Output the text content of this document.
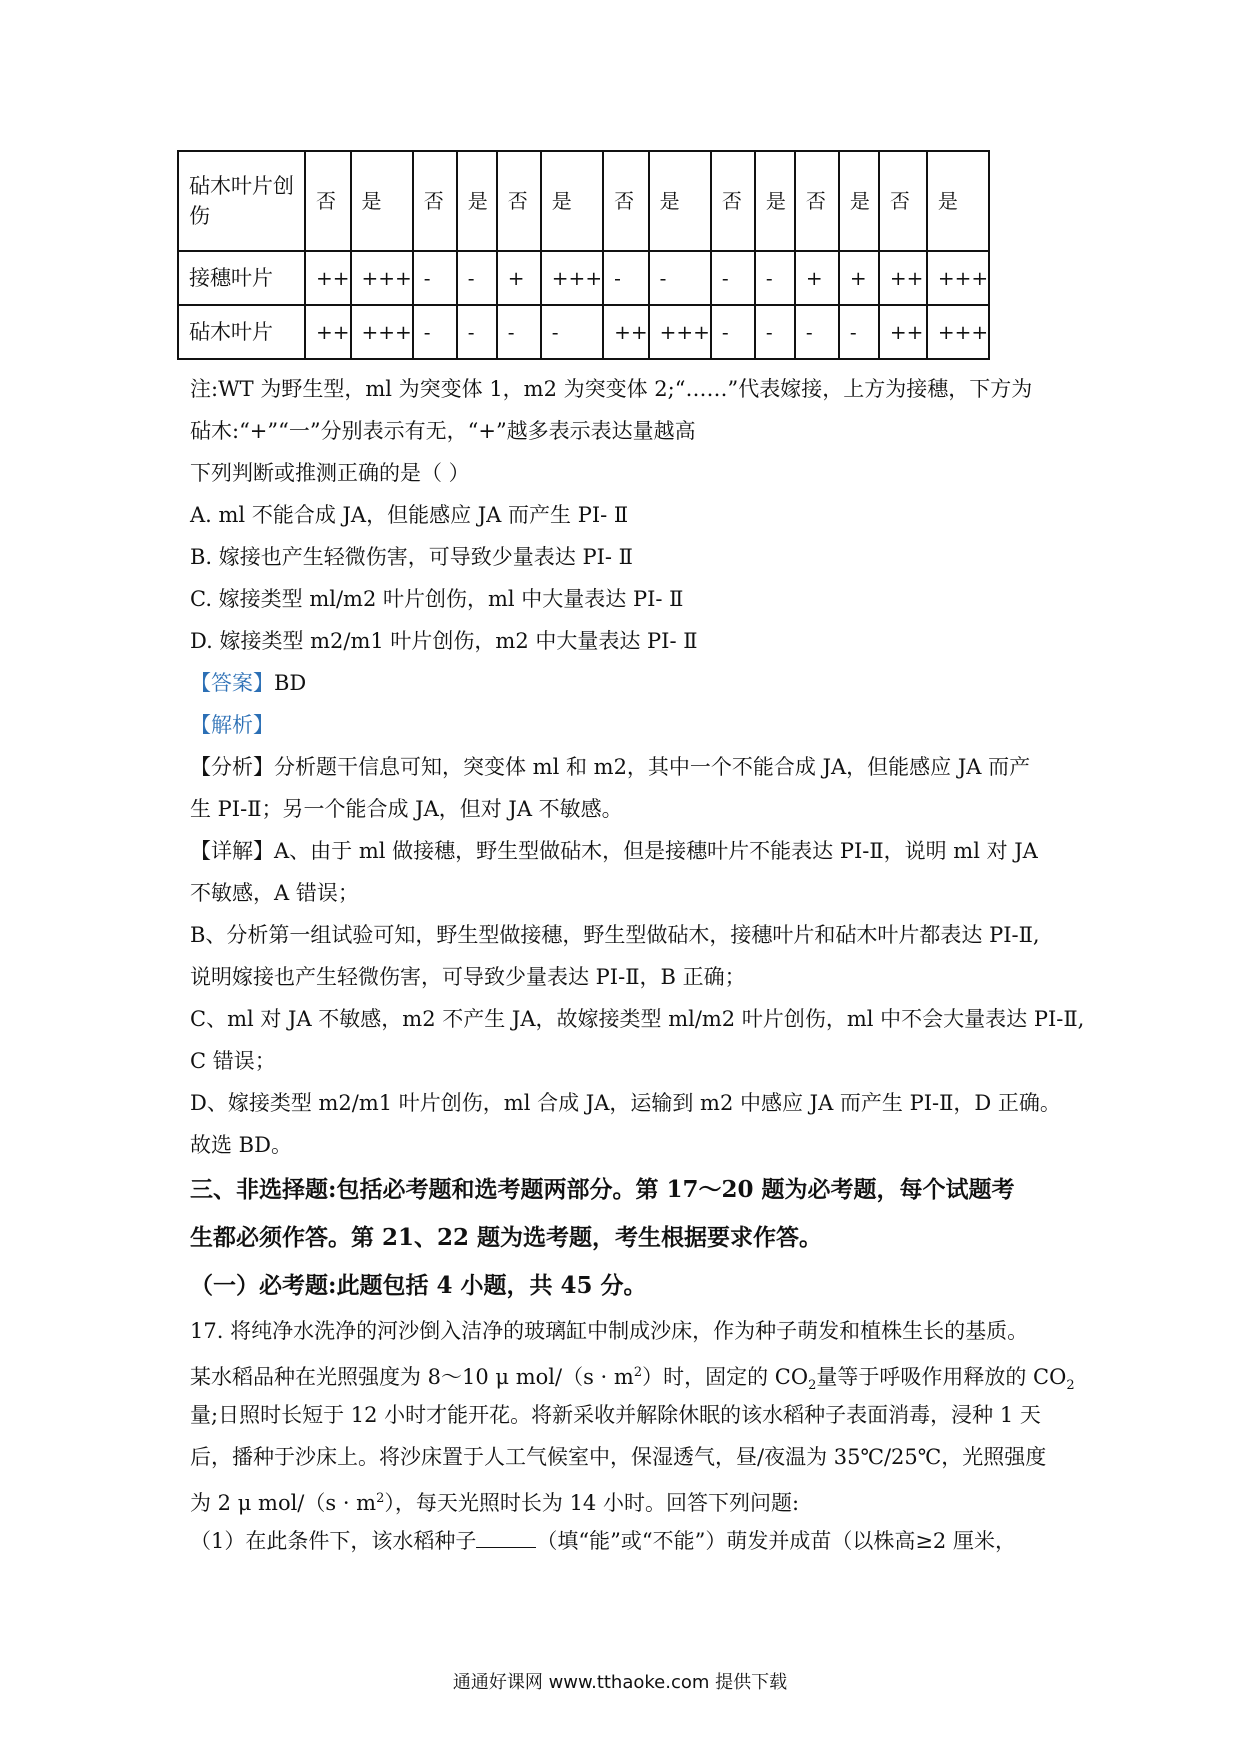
砧木叶片创伤	否	是	否	是	否	是	否	是	否	是	否	是	否	是
接穗叶片	++	+++	-	-	+	+++	-	-	-	-	+	+	++	+++
砧木叶片	++	+++	-	-	-	-	++	+++	-	-	-	-	++	+++
注:WT 为野生型，ml 为突变体 1，m2 为突变体 2;“……”代表嫁接，上方为接穗，下方为
砧木:“+”“一”分别表示有无，“+”越多表示表达量越高
下列判断或推测正确的是（ ）
A. ml 不能合成 JA，但能感应 JA 而产生 PI- Ⅱ
B. 嫁接也产生轻微伤害，可导致少量表达 PI- Ⅱ
C. 嫁接类型 ml/m2 叶片创伤，ml 中大量表达 PI- Ⅱ
D. 嫁接类型 m2/m1 叶片创伤，m2 中大量表达 PI- Ⅱ
【答案】BD
【解析】
【分析】分析题干信息可知，突变体 ml 和 m2，其中一个不能合成 JA，但能感应 JA 而产
生 PI-Ⅱ；另一个能合成 JA，但对 JA 不敏感。
【详解】A、由于 ml 做接穗，野生型做砧木，但是接穗叶片不能表达 PI-Ⅱ，说明 ml 对 JA
不敏感，A 错误；
B、分析第一组试验可知，野生型做接穗，野生型做砧木，接穗叶片和砧木叶片都表达 PI-Ⅱ,
说明嫁接也产生轻微伤害，可导致少量表达 PI-Ⅱ，B 正确；
C、ml 对 JA 不敏感，m2 不产生 JA，故嫁接类型 ml/m2 叶片创伤，ml 中不会大量表达 PI-Ⅱ,
C 错误；
D、嫁接类型 m2/m1 叶片创伤，ml 合成 JA，运输到 m2 中感应 JA 而产生 PI-Ⅱ，D 正确。
故选 BD。
三、非选择题:包括必考题和选考题两部分。第 17～20 题为必考题，每个试题考
生都必须作答。第 21、22 题为选考题，考生根据要求作答。
（一）必考题:此题包括 4 小题，共 45 分。
17. 将纯净水洗净的河沙倒入洁净的玻璃缸中制成沙床，作为种子萌发和植株生长的基质。
某水稻品种在光照强度为 8～10 μ $mol/(s \cdot m^2)$时，固定的 $CO_2$量等于呼吸作用释放的 $CO_2$
量;日照时长短于 12 小时才能开花。将新采收并解除休眠的该水稻种子表面消毒，浸种 1 天
后，播种于沙床上。将沙床置于人工气候室中，保湿透气，昼/夜温为 35℃/25℃，光照强度
为 2 μ $mol/(s \cdot m^2)$，每天光照时长为 14 小时。回答下列问题:
（1）在此条件下，该水稻种子	（填“能”或“不能”）萌发并成苗（以株高≥2 厘米，
通通好课网 www.tthaoke.com 提供下载
